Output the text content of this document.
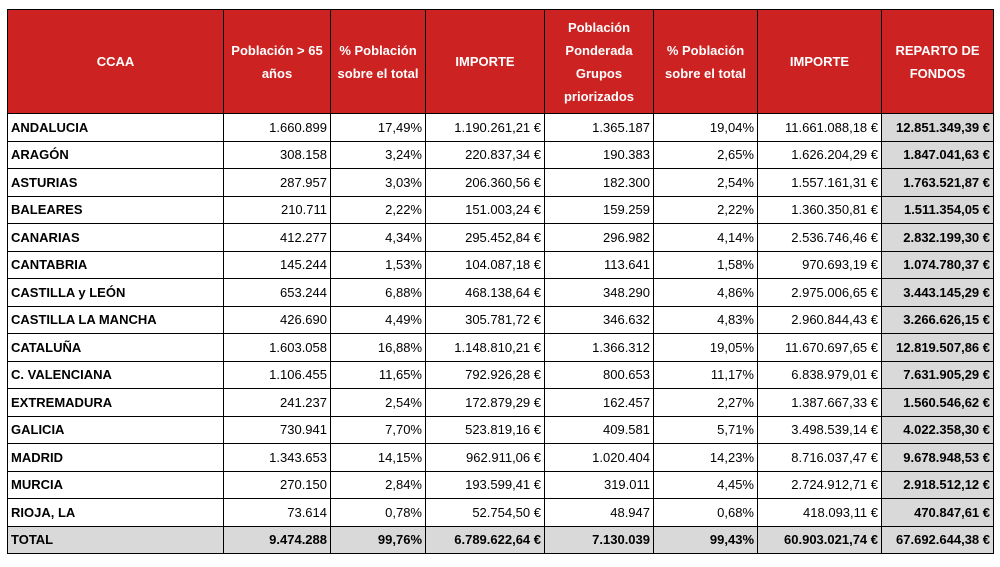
CCAA	Población > 65 años	% Población sobre el total	IMPORTE	Población Ponderada Grupos priorizados	% Población sobre el total	IMPORTE	REPARTO DE FONDOS
ANDALUCIA	1.660.899	17,49%	1.190.261,21 €	1.365.187	19,04%	11.661.088,18 €	12.851.349,39 €
ARAGÓN	308.158	3,24%	220.837,34 €	190.383	2,65%	1.626.204,29 €	1.847.041,63 €
ASTURIAS	287.957	3,03%	206.360,56 €	182.300	2,54%	1.557.161,31 €	1.763.521,87 €
BALEARES	210.711	2,22%	151.003,24 €	159.259	2,22%	1.360.350,81 €	1.511.354,05 €
CANARIAS	412.277	4,34%	295.452,84 €	296.982	4,14%	2.536.746,46 €	2.832.199,30 €
CANTABRIA	145.244	1,53%	104.087,18 €	113.641	1,58%	970.693,19 €	1.074.780,37 €
CASTILLA y LEÓN	653.244	6,88%	468.138,64 €	348.290	4,86%	2.975.006,65 €	3.443.145,29 €
CASTILLA LA MANCHA	426.690	4,49%	305.781,72 €	346.632	4,83%	2.960.844,43 €	3.266.626,15 €
CATALUÑA	1.603.058	16,88%	1.148.810,21 €	1.366.312	19,05%	11.670.697,65 €	12.819.507,86 €
C. VALENCIANA	1.106.455	11,65%	792.926,28 €	800.653	11,17%	6.838.979,01 €	7.631.905,29 €
EXTREMADURA	241.237	2,54%	172.879,29 €	162.457	2,27%	1.387.667,33 €	1.560.546,62 €
GALICIA	730.941	7,70%	523.819,16 €	409.581	5,71%	3.498.539,14 €	4.022.358,30 €
MADRID	1.343.653	14,15%	962.911,06 €	1.020.404	14,23%	8.716.037,47 €	9.678.948,53 €
MURCIA	270.150	2,84%	193.599,41 €	319.011	4,45%	2.724.912,71 €	2.918.512,12 €
RIOJA, LA	73.614	0,78%	52.754,50 €	48.947	0,68%	418.093,11 €	470.847,61 €
TOTAL	9.474.288	99,76%	6.789.622,64 €	7.130.039	99,43%	60.903.021,74 €	67.692.644,38 €
